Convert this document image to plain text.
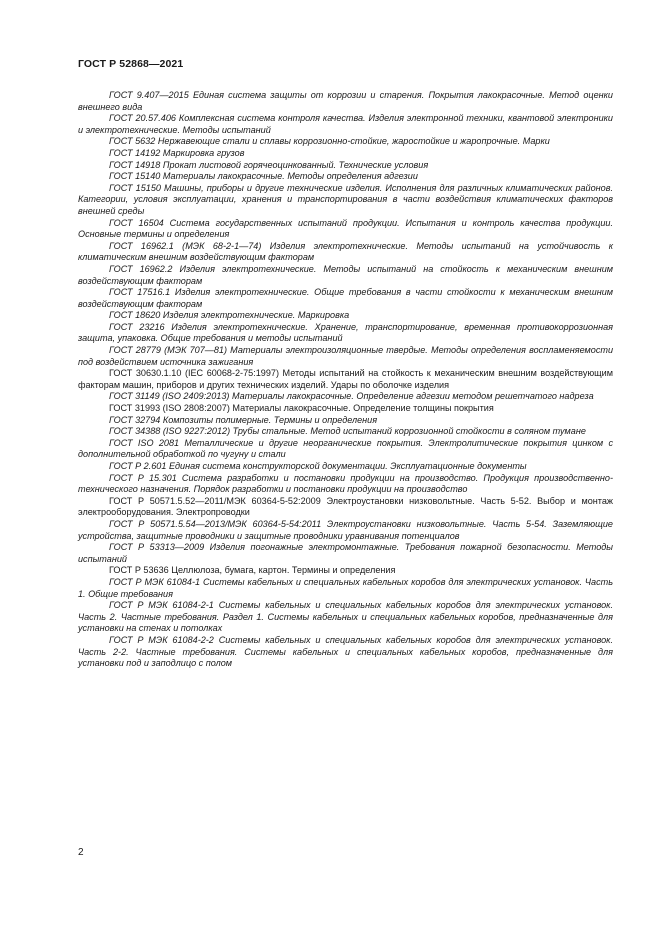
ГОСТ Р 52868—2021

ГОСТ 9.407—2015 Единая система защиты от коррозии и старения. Покрытия лакокрасочные. Метод оценки внешнего вида

ГОСТ 20.57.406 Комплексная система контроля качества. Изделия электронной техники, квантовой электроники и электротехнические. Методы испытаний

ГОСТ 5632 Нержавеющие стали и сплавы коррозионно-стойкие, жаростойкие и жаропрочные. Марки

ГОСТ 14192 Маркировка грузов

ГОСТ 14918 Прокат листовой горячеоцинкованный. Технические условия

ГОСТ 15140 Материалы лакокрасочные. Методы определения адгезии

ГОСТ 15150 Машины, приборы и другие технические изделия. Исполнения для различных климатических районов. Категории, условия эксплуатации, хранения и транспортирования в части воздействия климатических факторов внешней среды

ГОСТ 16504 Система государственных испытаний продукции. Испытания и контроль качества продукции. Основные термины и определения

ГОСТ 16962.1 (МЭК 68-2-1—74) Изделия электротехнические. Методы испытаний на устойчивость к климатическим внешним воздействующим факторам

ГОСТ 16962.2 Изделия электротехнические. Методы испытаний на стойкость к механическим внешним воздействующим факторам

ГОСТ 17516.1 Изделия электротехнические. Общие требования в части стойкости к механическим внешним воздействующим факторам

ГОСТ 18620 Изделия электротехнические. Маркировка

ГОСТ 23216 Изделия электротехнические. Хранение, транспортирование, временная противокоррозионная защита, упаковка. Общие требования и методы испытаний

ГОСТ 28779 (МЭК 707—81) Материалы электроизоляционные твердые. Методы определения воспламеняемости под воздействием источника зажигания

ГОСТ 30630.1.10 (IEC 60068-2-75:1997) Методы испытаний на стойкость к механическим внешним воздействующим факторам машин, приборов и других технических изделий. Удары по оболочке изделия

ГОСТ 31149 (ISO 2409:2013) Материалы лакокрасочные. Определение адгезии методом решетчатого надреза

ГОСТ 31993 (ISO 2808:2007) Материалы лакокрасочные. Определение толщины покрытия

ГОСТ 32794 Композиты полимерные. Термины и определения

ГОСТ 34388 (ISO 9227:2012) Трубы стальные. Метод испытаний коррозионной стойкости в соляном тумане

ГОСТ ISO 2081 Металлические и другие неорганические покрытия. Электролитические покрытия цинком с дополнительной обработкой по чугуну и стали

ГОСТ Р 2.601 Единая система конструкторской документации. Эксплуатационные документы

ГОСТ Р 15.301 Система разработки и постановки продукции на производство. Продукция производственно-технического назначения. Порядок разработки и постановки продукции на производство

ГОСТ Р 50571.5.52—2011/МЭК 60364-5-52:2009 Электроустановки низковольтные. Часть 5-52. Выбор и монтаж электрооборудования. Электропроводки

ГОСТ Р 50571.5.54—2013/МЭК 60364-5-54:2011 Электроустановки низковольтные. Часть 5-54. Заземляющие устройства, защитные проводники и защитные проводники уравнивания потенциалов

ГОСТ Р 53313—2009 Изделия погонажные электромонтажные. Требования пожарной безопасности. Методы испытаний

ГОСТ Р 53636 Целлюлоза, бумага, картон. Термины и определения

ГОСТ Р МЭК 61084-1 Системы кабельных и специальных кабельных коробов для электрических установок. Часть 1. Общие требования

ГОСТ Р МЭК 61084-2-1 Системы кабельных и специальных кабельных коробов для электрических установок. Часть 2. Частные требования. Раздел 1. Системы кабельных и специальных кабельных коробов, предназначенные для установки на стенах и потолках

ГОСТ Р МЭК 61084-2-2 Системы кабельных и специальных кабельных коробов для электрических установок. Часть 2-2. Частные требования. Системы кабельных и специальных кабельных коробов, предназначенные для установки под и заподлицо с полом

2
